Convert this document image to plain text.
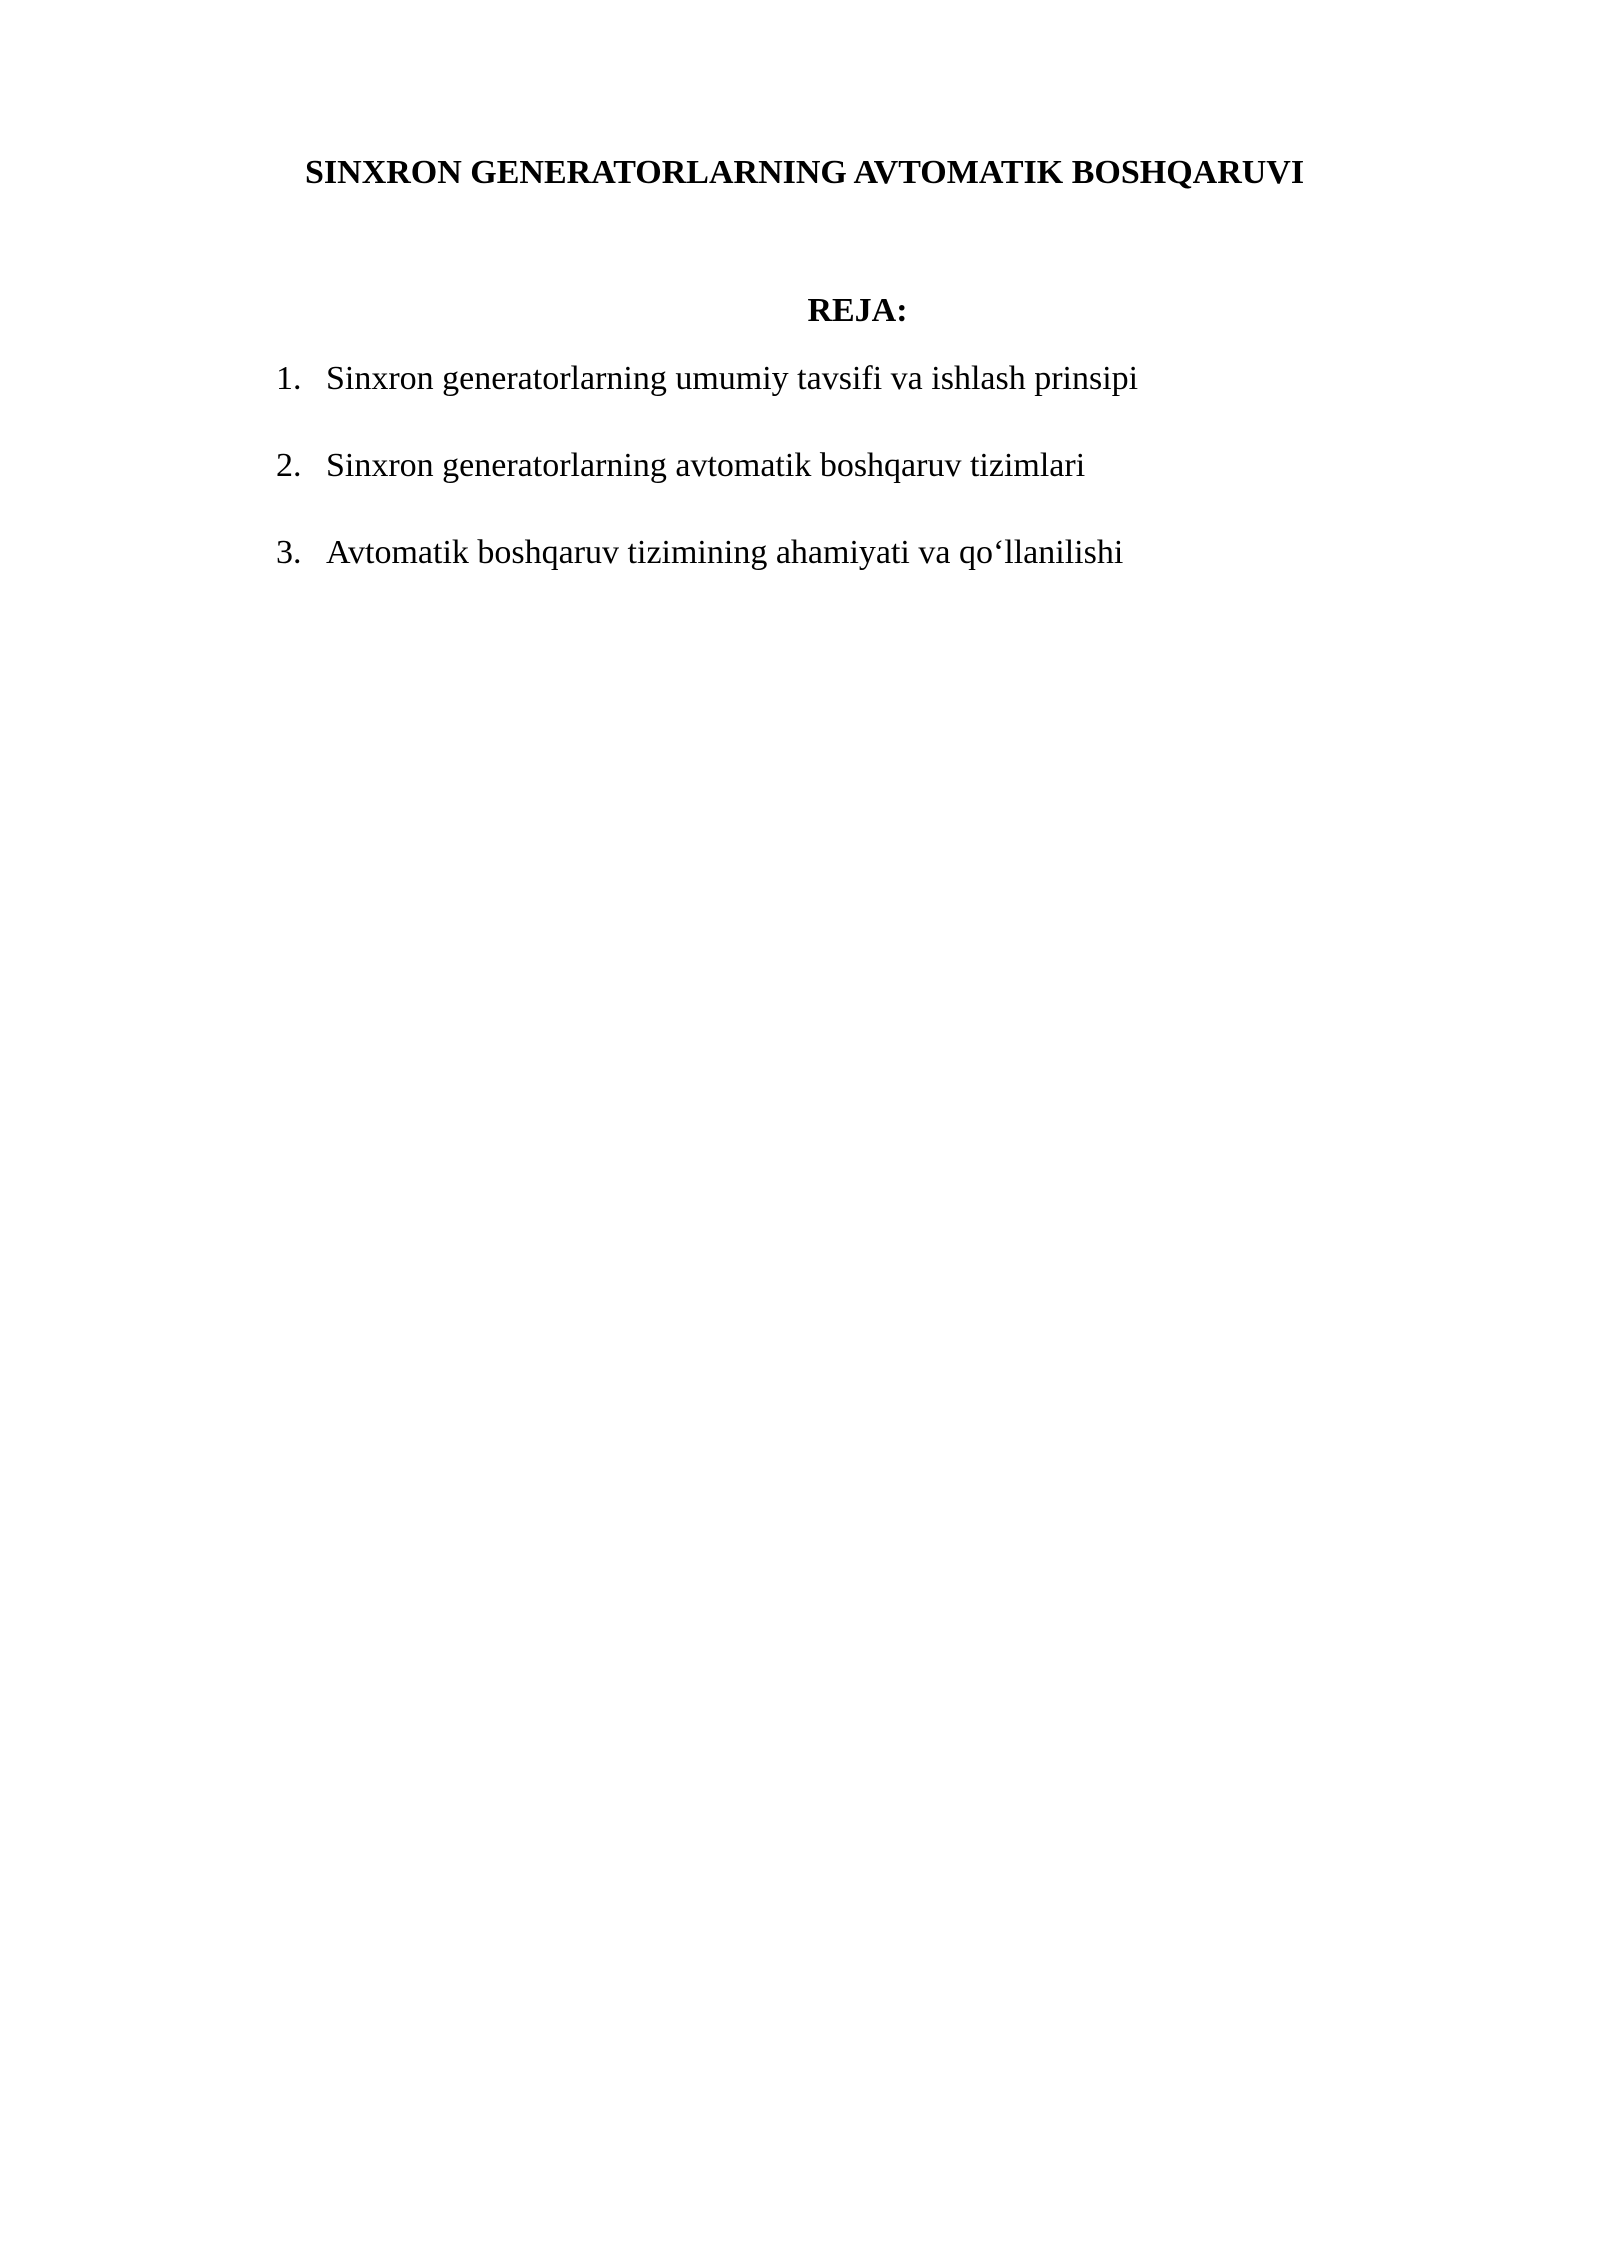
SINXRON GENERATORLARNING AVTOMATIK BOSHQARUVI
REJA:
1. Sinxron generatorlarning umumiy tavsifi va ishlash prinsipi
2. Sinxron generatorlarning avtomatik boshqaruv tizimlari
3. Avtomatik boshqaruv tizimining ahamiyati va qo‘llanilishi
